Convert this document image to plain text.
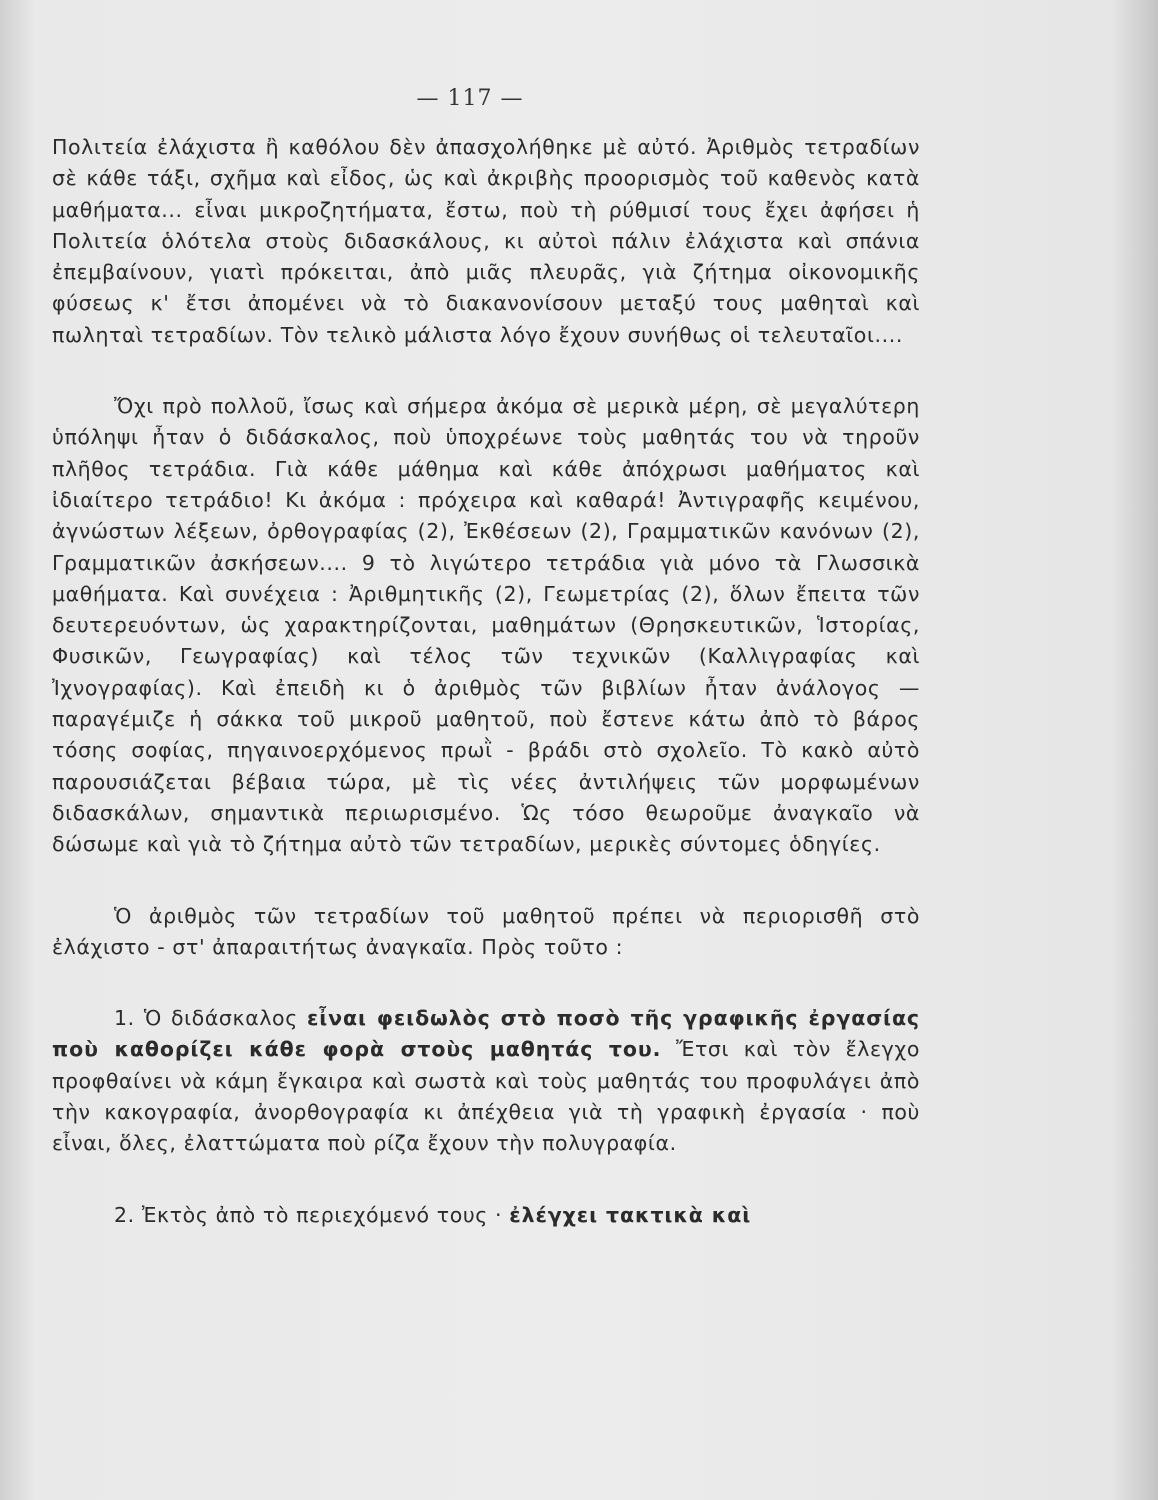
— 117 —

Πολιτεία ἐλάχιστα ἢ καθόλου δὲν ἀπασχολήθηκε μὲ αὐτό. Ἀριθμὸς τετραδίων σὲ κάθε τάξι, σχῆμα καὶ εἶδος, ὡς καὶ ἀκριβὴς προορισμὸς τοῦ καθενὸς κατὰ μαθήματα... εἶναι μικροζητήματα, ἔστω, ποὺ τὴ ρύθμισί τους ἔχει ἀφήσει ἡ Πολιτεία ὁλότελα στοὺς διδασκάλους, κι αὐτοὶ πάλιν ἐλάχιστα καὶ σπάνια ἐπεμβαίνουν, γιατὶ πρόκειται, ἀπὸ μιᾶς πλευρᾶς, γιὰ ζήτημα οἰκονομικῆς φύσεως κ' ἔτσι ἀπομένει νὰ τὸ διακανονίσουν μεταξύ τους μαθηταὶ καὶ πωληταὶ τετραδίων. Τὸν τελικὸ μάλιστα λόγο ἔχουν συνήθως οἱ τελευταῖοι....

Ὄχι πρὸ πολλοῦ, ἴσως καὶ σήμερα ἀκόμα σὲ μερικὰ μέρη, σὲ μεγαλύτερη ὑπόληψι ἦταν ὁ διδάσκαλος, ποὺ ὑποχρέωνε τοὺς μαθητάς του νὰ τηροῦν πλῆθος τετράδια. Γιὰ κάθε μάθημα καὶ κάθε ἀπόχρωσι μαθήματος καὶ ἰδιαίτερο τετράδιο! Κι ἀκόμα : πρόχειρα καὶ καθαρά! Ἀντιγραφῆς κειμένου, ἀγνώστων λέξεων, ὀρθογραφίας (2), Ἐκθέσεων (2), Γραμματικῶν κανόνων (2), Γραμματικῶν ἀσκήσεων.... 9 τὸ λιγώτερο τετράδια γιὰ μόνο τὰ Γλωσσικὰ μαθήματα. Καὶ συνέχεια : Ἀριθμητικῆς (2), Γεωμετρίας (2), ὅλων ἔπειτα τῶν δευτερευόντων, ὡς χαρακτηρίζονται, μαθημάτων (Θρησκευτικῶν, Ἱστορίας, Φυσικῶν, Γεωγραφίας) καὶ τέλος τῶν τεχνικῶν (Καλλιγραφίας καὶ Ἰχνογραφίας). Καὶ ἐπειδὴ κι ὁ ἀριθμὸς τῶν βιβλίων ἦταν ἀνάλογος — παραγέμιζε ἡ σάκκα τοῦ μικροῦ μαθητοῦ, ποὺ ἔστενε κάτω ἀπὸ τὸ βάρος τόσης σοφίας, πηγαινοερχόμενος πρωῒ - βράδι στὸ σχολεῖο. Τὸ κακὸ αὐτὸ παρουσιάζεται βέβαια τώρα, μὲ τὶς νέες ἀντιλήψεις τῶν μορφωμένων διδασκάλων, σημαντικὰ περιωρισμένο. Ὡς τόσο θεωροῦμε ἀναγκαῖο νὰ δώσωμε καὶ γιὰ τὸ ζήτημα αὐτὸ τῶν τετραδίων, μερικὲς σύντομες ὁδηγίες.

Ὁ ἀριθμὸς τῶν τετραδίων τοῦ μαθητοῦ πρέπει νὰ περιορισθῆ στὸ ἐλάχιστο - στ' ἀπαραιτήτως ἀναγκαῖα. Πρὸς τοῦτο :

1. Ὁ διδάσκαλος εἶναι φειδωλὸς στὸ ποσὸ τῆς γραφικῆς ἐργασίας ποὺ καθορίζει κάθε φορὰ στοὺς μαθητάς του. Ἔτσι καὶ τὸν ἔλεγχο προφθαίνει νὰ κάμη ἔγκαιρα καὶ σωστὰ καὶ τοὺς μαθητάς του προφυλάγει ἀπὸ τὴν κακογραφία, ἀνορθογραφία κι ἀπέχθεια γιὰ τὴ γραφικὴ ἐργασία · ποὺ εἶναι, ὅλες, ἐλαττώματα ποὺ ρίζα ἔχουν τὴν πολυγραφία.

2. Ἐκτὸς ἀπὸ τὸ περιεχόμενό τους · ἐλέγχει τακτικὰ καὶ
